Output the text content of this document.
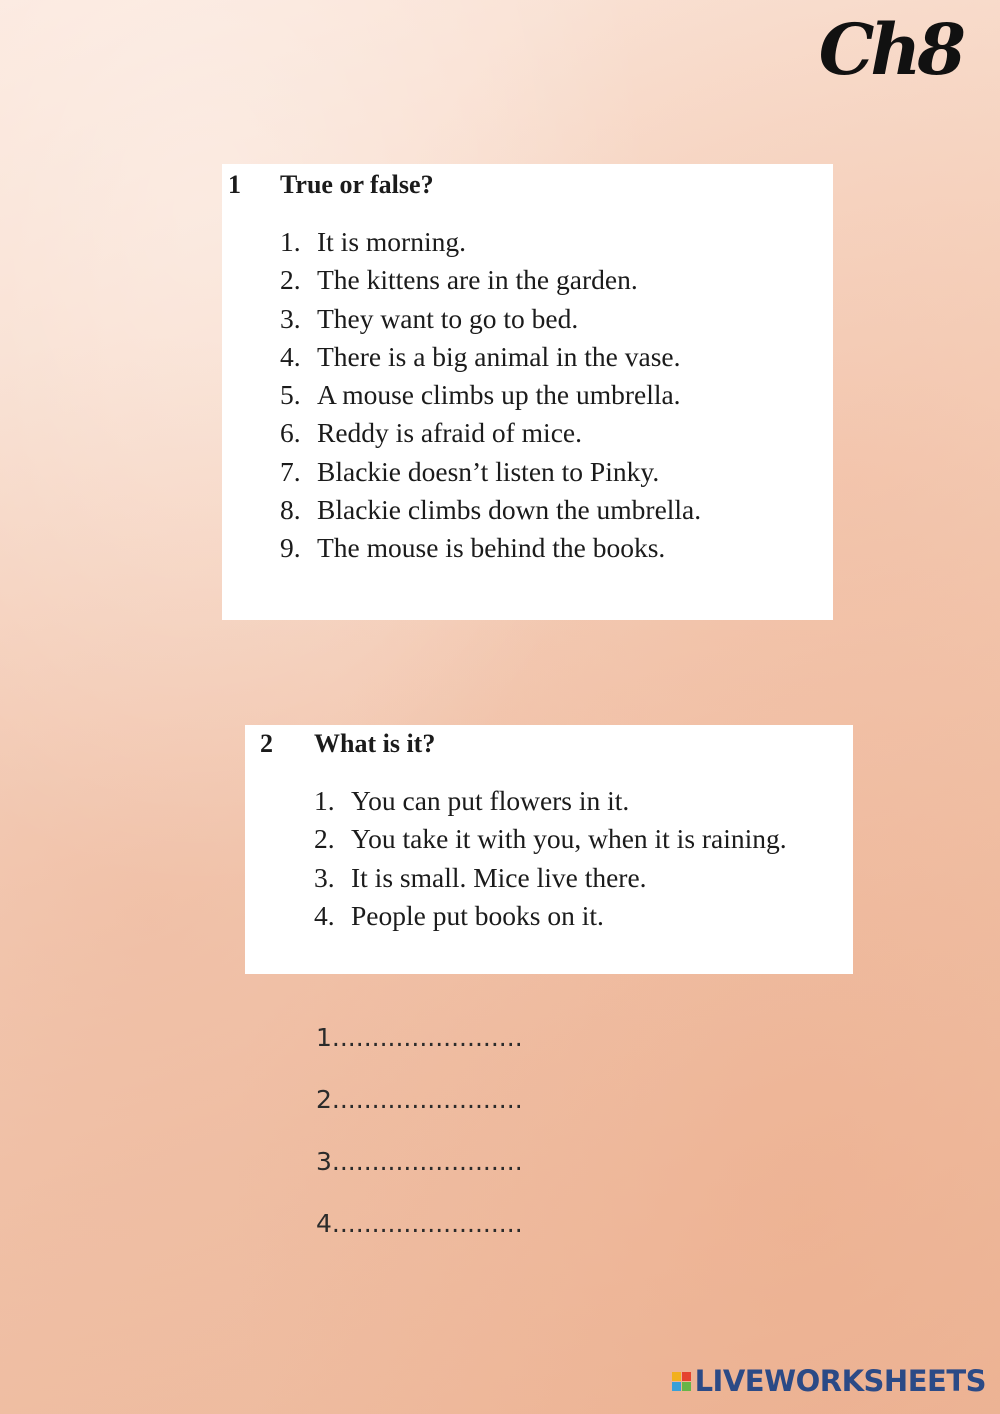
Ch8
1 True or false?
1. It is morning.
2. The kittens are in the garden.
3. They want to go to bed.
4. There is a big animal in the vase.
5. A mouse climbs up the umbrella.
6. Reddy is afraid of mice.
7. Blackie doesn’t listen to Pinky.
8. Blackie climbs down the umbrella.
9. The mouse is behind the books.
2 What is it?
1. You can put flowers in it.
2. You take it with you, when it is raining.
3. It is small. Mice live there.
4. People put books on it.
1........................
2........................
3........................
4........................
LIVEWORKSHEETS
